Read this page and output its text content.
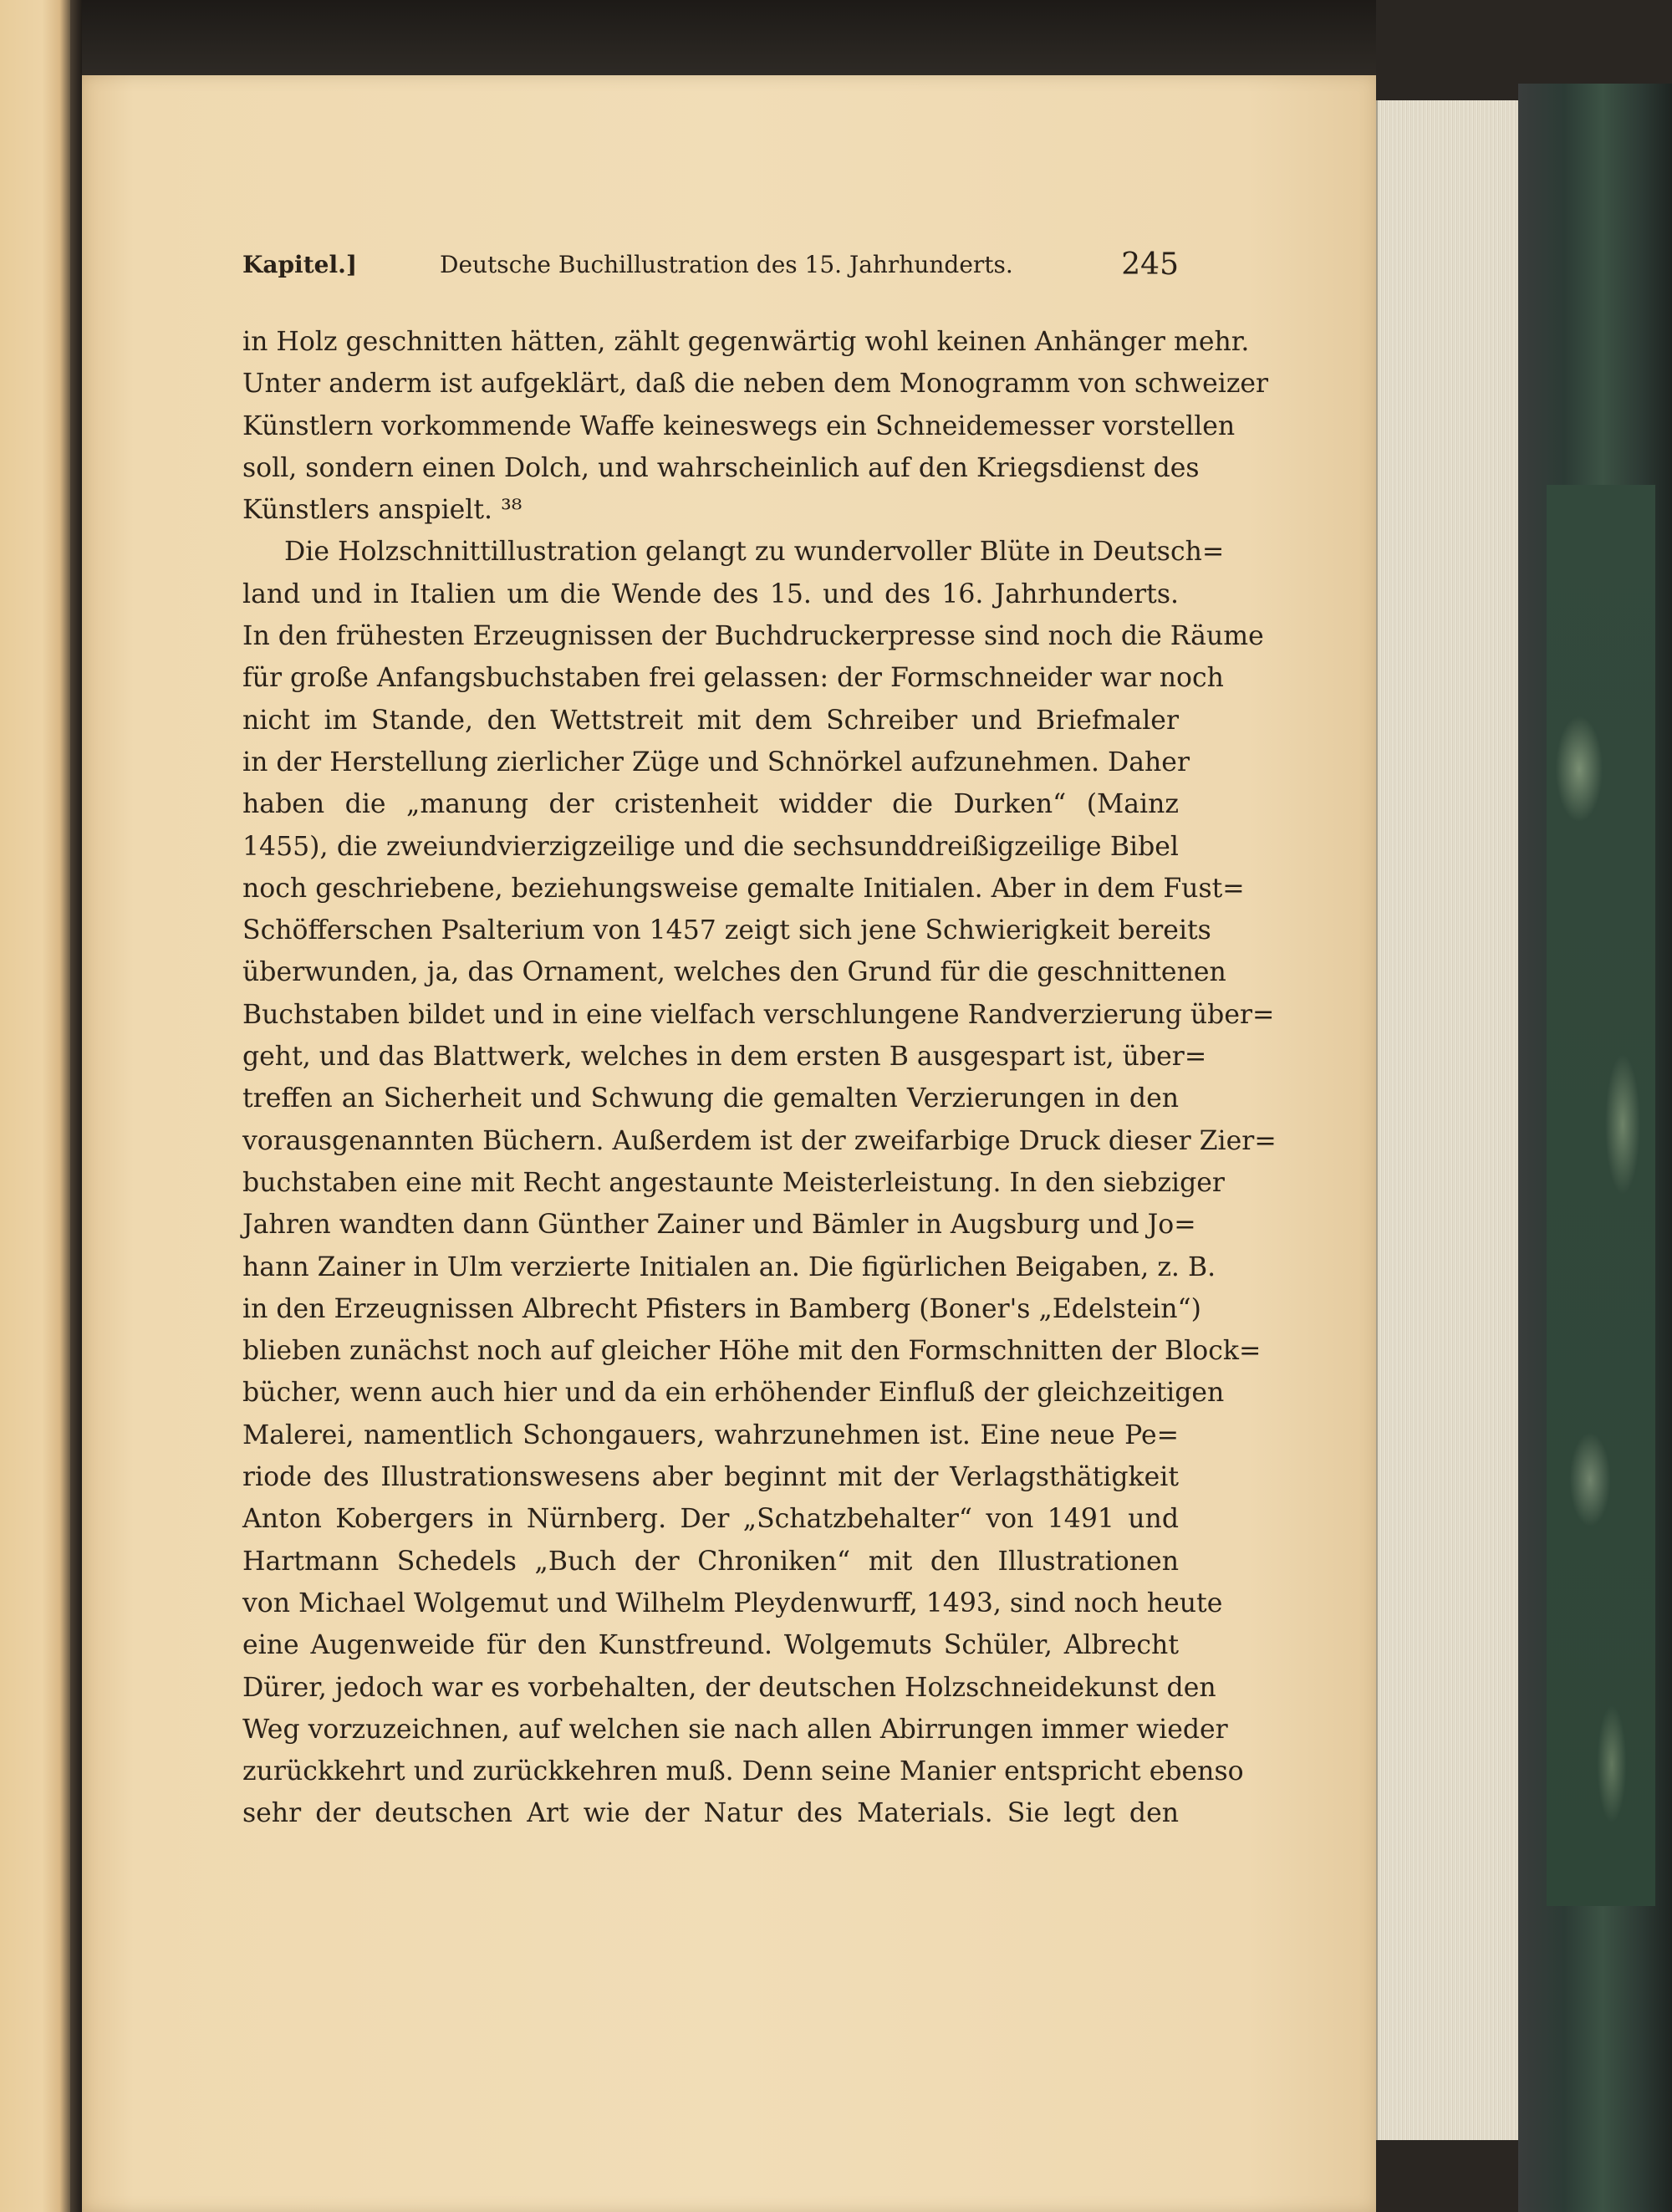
Kapitel.]	Deutsche Buchillustration des 15. Jahrhunderts.	245
in Holz geschnitten hätten, zählt gegenwärtig wohl keinen Anhänger mehr.
Unter anderm ist aufgeklärt, daß die neben dem Monogramm von schweizer
Künstlern vorkommende Waffe keineswegs ein Schneidemesser vorstellen
soll, sondern einen Dolch, und wahrscheinlich auf den Kriegsdienst des
Künstlers anspielt. ³⁸
Die Holzschnittillustration gelangt zu wundervoller Blüte in Deutsch=
land und in Italien um die Wende des 15. und des 16. Jahrhunderts.
In den frühesten Erzeugnissen der Buchdruckerpresse sind noch die Räume
für große Anfangsbuchstaben frei gelassen: der Formschneider war noch
nicht im Stande, den Wettstreit mit dem Schreiber und Briefmaler
in der Herstellung zierlicher Züge und Schnörkel aufzunehmen. Daher
haben die „manung der cristenheit widder die Durken“ (Mainz
1455), die zweiundvierzigzeilige und die sechsunddreißigzeilige Bibel
noch geschriebene, beziehungsweise gemalte Initialen. Aber in dem Fust=
Schöfferschen Psalterium von 1457 zeigt sich jene Schwierigkeit bereits
überwunden, ja, das Ornament, welches den Grund für die geschnittenen
Buchstaben bildet und in eine vielfach verschlungene Randverzierung über=
geht, und das Blattwerk, welches in dem ersten B ausgespart ist, über=
treffen an Sicherheit und Schwung die gemalten Verzierungen in den
vorausgenannten Büchern. Außerdem ist der zweifarbige Druck dieser Zier=
buchstaben eine mit Recht angestaunte Meisterleistung. In den siebziger
Jahren wandten dann Günther Zainer und Bämler in Augsburg und Jo=
hann Zainer in Ulm verzierte Initialen an. Die figürlichen Beigaben, z. B.
in den Erzeugnissen Albrecht Pfisters in Bamberg (Boner's „Edelstein“)
blieben zunächst noch auf gleicher Höhe mit den Formschnitten der Block=
bücher, wenn auch hier und da ein erhöhender Einfluß der gleichzeitigen
Malerei, namentlich Schongauers, wahrzunehmen ist. Eine neue Pe=
riode des Illustrationswesens aber beginnt mit der Verlagsthätigkeit
Anton Kobergers in Nürnberg. Der „Schatzbehalter“ von 1491 und
Hartmann Schedels „Buch der Chroniken“ mit den Illustrationen
von Michael Wolgemut und Wilhelm Pleydenwurff, 1493, sind noch heute
eine Augenweide für den Kunstfreund. Wolgemuts Schüler, Albrecht
Dürer, jedoch war es vorbehalten, der deutschen Holzschneidekunst den
Weg vorzuzeichnen, auf welchen sie nach allen Abirrungen immer wieder
zurückkehrt und zurückkehren muß. Denn seine Manier entspricht ebenso
sehr der deutschen Art wie der Natur des Materials. Sie legt den
